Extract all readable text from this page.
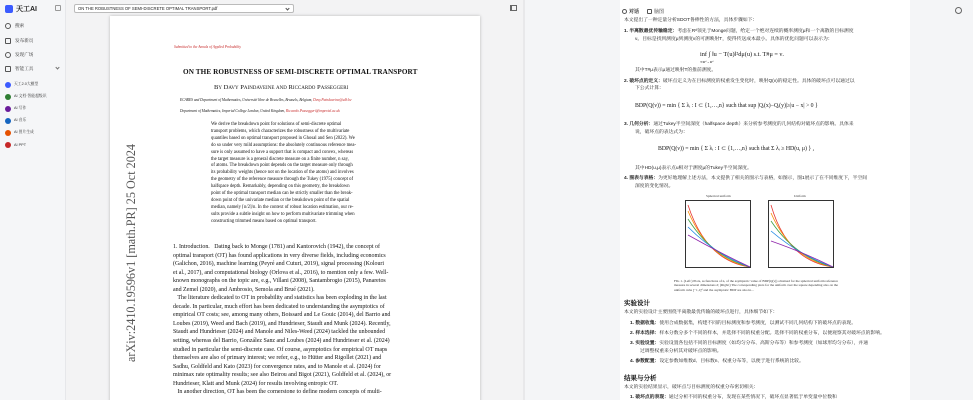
天工AI
搜索
发布新员
发现广场
智能工具
天工2.0大模型
AI 文档·智能超级识
AI 写作
AI 音乐
AI 图片生成
AI PPT
ON THE ROBUSTNESS OF SEMI-DISCRETE OPTIMAL TRANSPORT.pdf
Submitted to the Annals of Applied Probability
ON THE ROBUSTNESS OF SEMI-DISCRETE OPTIMAL TRANSPORT
By Davy Paindaveine and Riccardo Passeggeri
ECARES and Department of Mathematics, Université libre de Bruxelles, Brussels, Belgium, Davy.Paindaveine@ulb.be
Department of Mathematics, Imperial College London, United Kingdom, Riccardo.Passeggeri@imperial.ac.uk
We derive the breakdown point for solutions of semi-discrete optimal
transport problems, which characterizes the robustness of the multivariate
quantiles based on optimal transport proposed in Ghosal and Sen (2022). We
do so under very mild assumptions: the absolutely continuous reference mea-
sure is only assumed to have a support that is compact and convex, whereas
the target measure is a general discrete measure on a finite number, n say,
of atoms. The breakdown point depends on the target measure only through
its probability weights (hence not on the location of the atoms) and involves
the geometry of the reference measure through the Tukey (1975) concept of
halfspace depth. Remarkably, depending on this geometry, the breakdown
point of the optimal transport median can be strictly smaller than the break-
down point of the univariate median or the breakdown point of the spatial
median, namely ⌈n/2⌉/n. In the context of robust location estimation, our re-
sults provide a subtle insight on how to perform multivariate trimming when
constructing trimmed means based on optimal transport.
1. Introduction.   Dating back to Monge (1781) and Kantorovich (1942), the concept of
optimal transport (OT) has found applications in very diverse fields, including economics
(Galichon, 2016), machine learning (Peyré and Cuturi, 2019), signal processing (Kolouri
et al., 2017), and computational biology (Orlova et al., 2016), to mention only a few. Well-
known monographs on the topic are, e.g., Villani (2008), Santambrogio (2015), Panaretos
and Zemel (2020), and Ambrosio, Semola and Brué (2021).
The literature dedicated to OT in probability and statistics has been exploding in the last
decade. In particular, much effort has been dedicated to understanding the asymptotics of
empirical OT costs; see, among many others, Boissard and Le Gouic (2014), del Barrio and
Loubes (2019), Weed and Bach (2019), and Hundrieser, Staudt and Munk (2024). Recently,
Staudt and Hundrieser (2024) and Manole and Niles-Weed (2024) tackled the unbounded
setting, whereas del Barrio, González Sanz and Loubes (2024) and Hundrieser et al. (2024)
studied in particular the semi-discrete case. Of course, asymptotics for empirical OT maps
themselves are also of primary interest; we refer, e.g., to Hütter and Rigollet (2021) and
Sadhu, Goldfeld and Kato (2023) for convergence rates, and to Manole et al. (2024) for
minimax rate optimality results; see also Beirou and Bigot (2021), Goldfeld et al. (2024), or
Hundrieser, Klatt and Munk (2024) for results involving entropic OT.
In another direction, OT has been the cornerstone to define modern concepts of multi-
arXiv:2410.19596v1 [math.PR] 25 Oct 2024
对话	脑图
本文提出了一种定量分析SDOT鲁棒性的方法，具体步骤如下：
1. 半离散最优传输稳定：考虑在Rᵈ领先于Monge问题，给定一个绝对连续的概率测度μ和一个离散的目标测度
ν。目标是找到测度μ到测度ν的可测映射T，使得传送成本最小。具体的优化问题可以表示为：
inf ∫ ‖u − T(u)‖²dμ(u) s.t. T#μ = ν.
T:Rᵈ→Rᵈ
其中T#μ表示μ通过映射T的推前测度。
2. 破坏点的定义：破坏点定义为在目标测度的权重发生变化时，映射Q(ν)的稳定性。具体的破坏点可以通过以
下公式计算：
BDP(Q(ν)) = min { Σ λᵢ : I ⊂ {1,…,n} such that sup |Qᵢ(x)−Qᵢ(y)|≥|u − x| > 0 }
3. 几何分析：通过Tukey半空间深度（halfspace depth）来分析参考测度的几何结构对破坏点的影响。具体来
说，破坏点的表达式为：
BDP(Q(ν)) = min { Σ λᵢ : I ⊂ {1,…,n} such that Σ λᵢ ≥ HD(u, μ) } ,
其中HD(u,μ)表示点u相对于测度μ的Tukey半空间深度。
4. 图表与表格：为更好地理解上述方法，本文提供了相关的图示与表格，如图示，图1展示了在不同维度下，半空间
深度的变化情况。
Spherical uniform	Uniform
FIG 1. (Left:) Plots, as functions of n, of the asymptotic value of BDP(Q(ν)) obtained for the spherical uniform reference measure in several dimensions d; (Right:) The corresponding plots for the uniform over the square depending also on the uniform cube [−1,1]ᵈ and the asymptotic BDP are also in…
实验设计
本文的实验设计主要围绕半离散最优传输的破坏点进行，具体细节如下：
1. 数据收集：使用合成数据集，构建不同的目标测度和参考测度，以测试不同几何结构下的破坏点的表现。
2. 样本选择：样本分数分多个不同的样本，并选择不同的权重分配。选择不同的权重分布，以便观察其对破坏点的影响。
3. 实验设置：实验设置各包括不同的目标测度（如均匀分布、高斯分布等）和参考测度（如球形均匀分布），并通
过调整权重来分析其对破坏点的影响。
4. 参数配置：设定参数如维数d、目标数n、权重分布等，以便于进行系统的比较。
结果与分析
本文的实验结果显示，破坏点与目标测度的权重分布密切相关：
1. 破坏点的表现：通过分析不同的权重分布，发现在某些情况下，破坏点显著低于单变量中位数和
